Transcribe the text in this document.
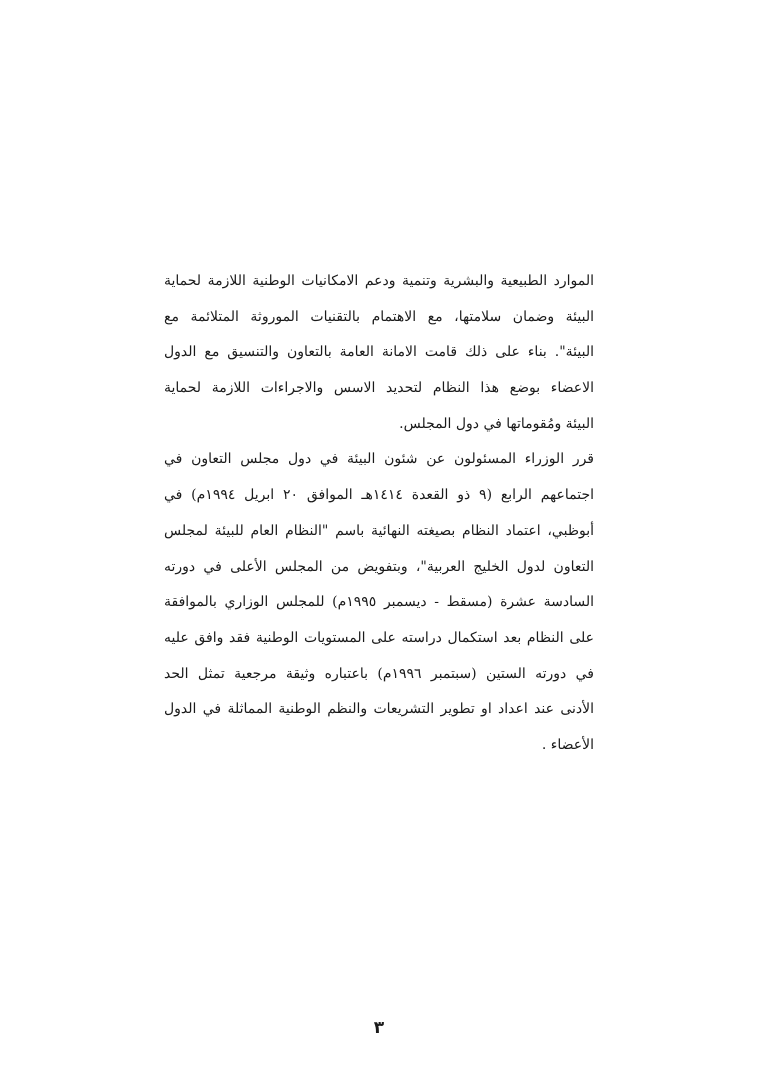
الموارد الطبيعية والبشرية وتنمية ودعم الامكانيات الوطنية اللازمة لحماية
البيئة وضمان سلامتها، مع الاهتمام بالتقنيات الموروثة المتلائمة مع
البيئة". بناء على ذلك قامت الامانة العامة بالتعاون والتنسيق مع الدول
الاعضاء بوضع هذا النظام لتحديد الاسس والاجراءات اللازمة لحماية
البيئة ومُقوماتها في دول المجلس.
قرر الوزراء المسئولون عن شئون البيئة في دول مجلس التعاون في
اجتماعهم الرابع (٩ ذو القعدة ١٤١٤هـ الموافق ٢٠ ابريل ١٩٩٤م) في
أبوظبي، اعتماد النظام بصيغته النهائية باسم "النظام العام للبيئة لمجلس
التعاون لدول الخليج العربية"، وبتفويض من المجلس الأعلى في دورته
السادسة عشرة (مسقط - ديسمبر ١٩٩٥م) للمجلس الوزاري بالموافقة
على النظام بعد استكمال دراسته على المستويات الوطنية فقد وافق عليه
في دورته الستين (سبتمبر ١٩٩٦م) باعتباره وثيقة مرجعية تمثل الحد
الأدنى عند اعداد او تطوير التشريعات والنظم الوطنية المماثلة في الدول
الأعضاء .
٣
